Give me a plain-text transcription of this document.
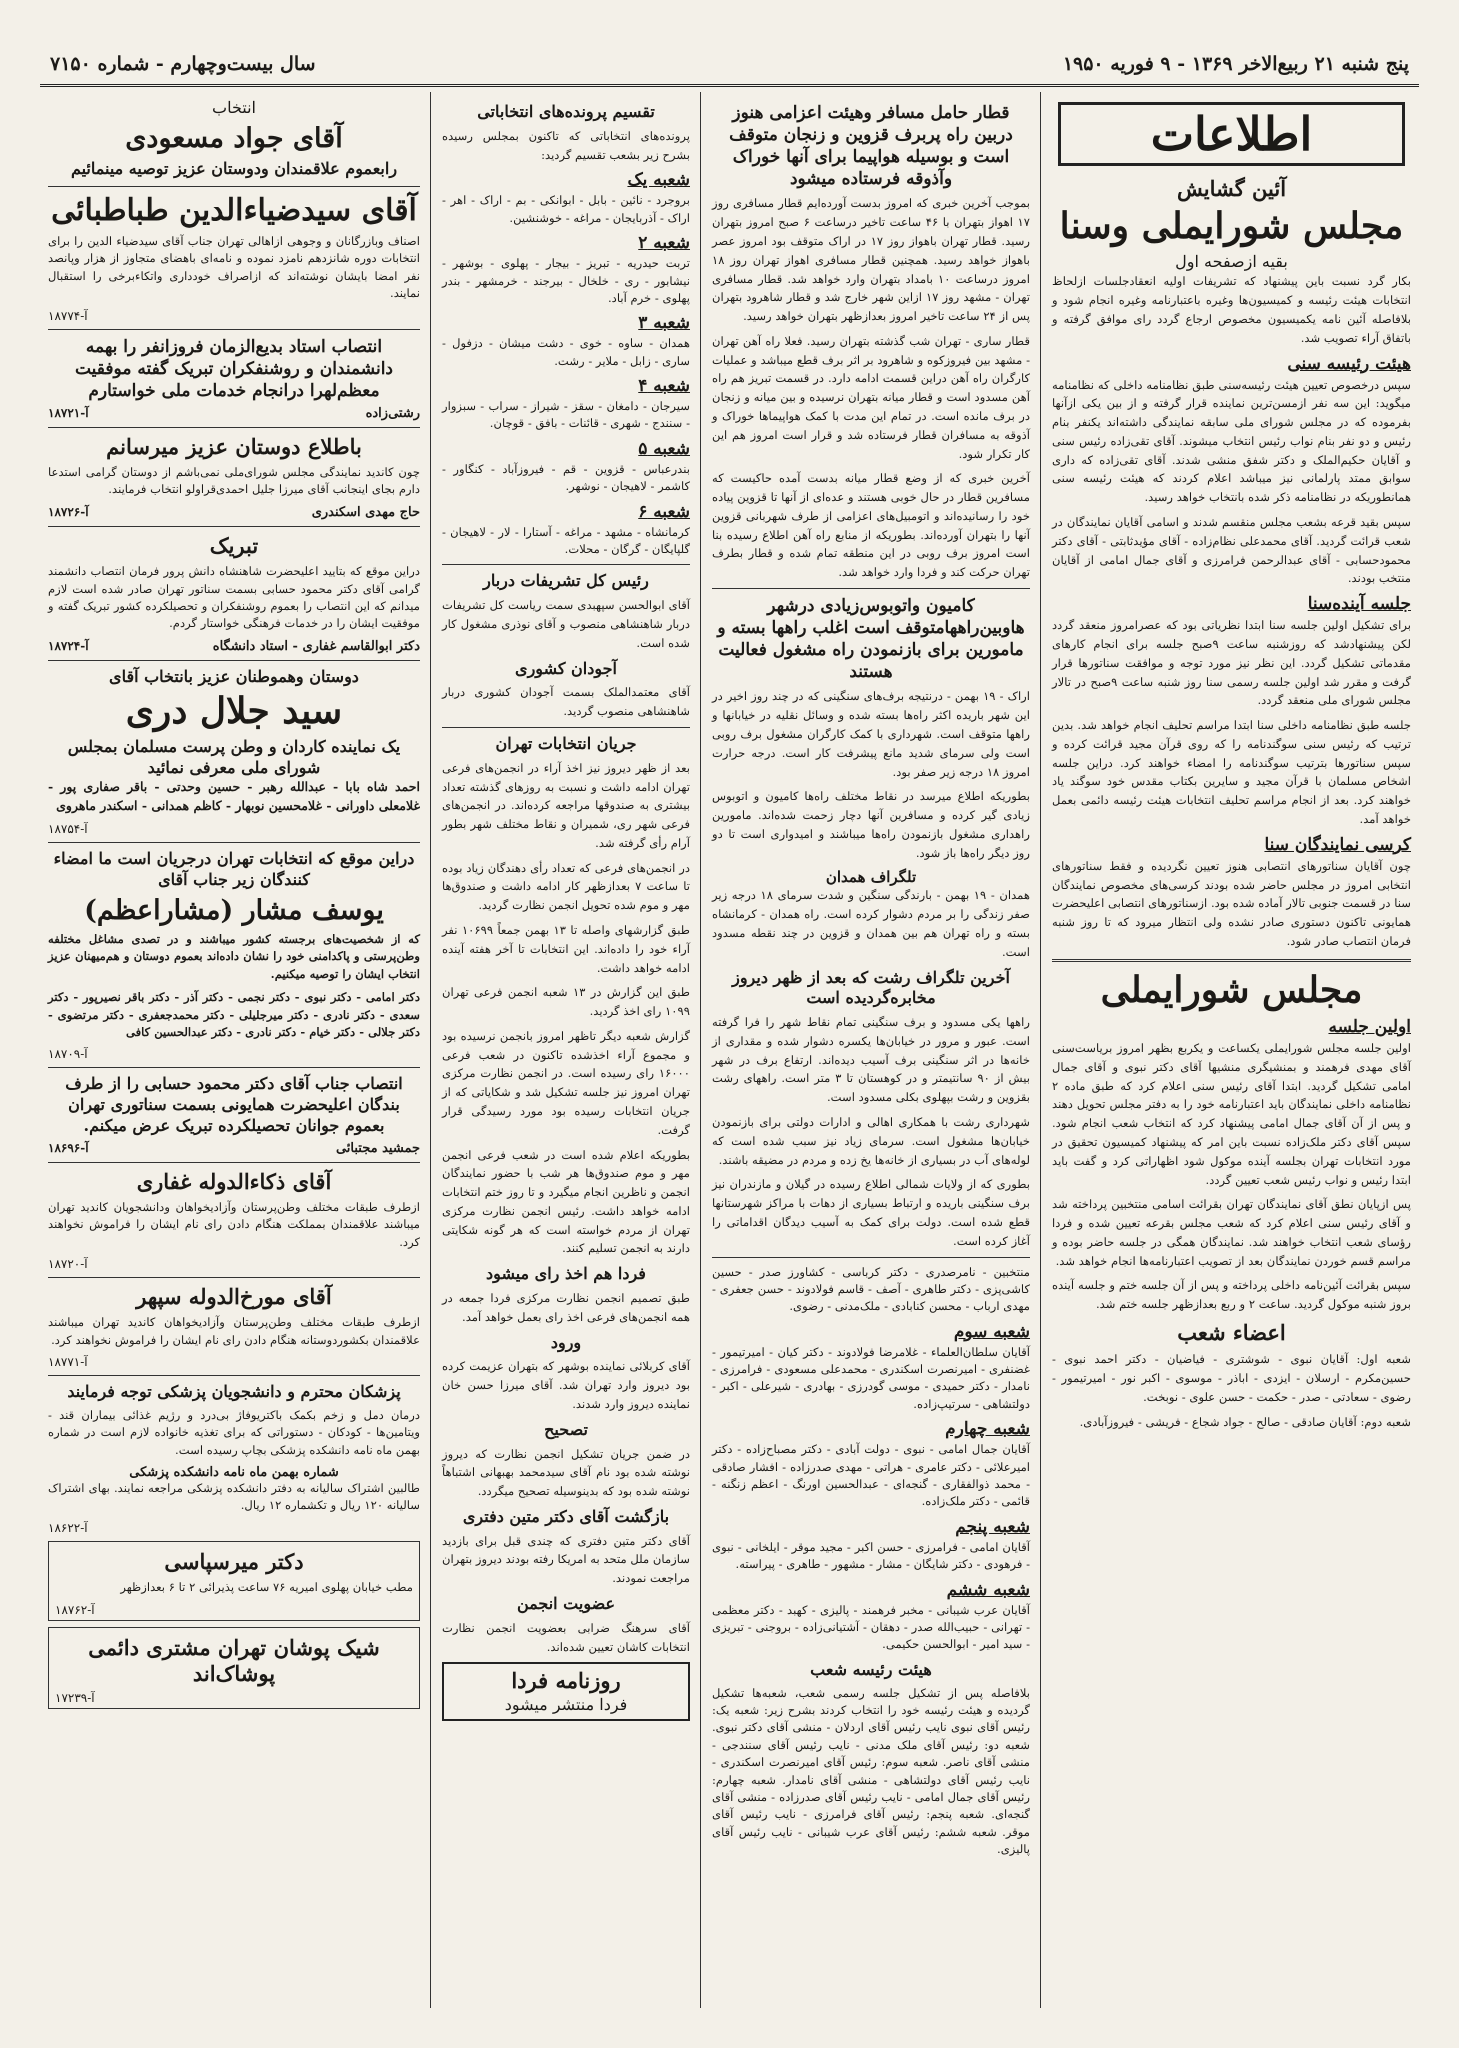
پنج شنبه ۲۱ ربیع‌الاخر ۱۳۶۹ - ۹ فوریه ۱۹۵۰
سال بیست‌وچهارم - شماره ۷۱۵۰
اطلاعات
آئین گشایش
مجلس شورایملی وسنا
بقیه ازصفحه اول

بکار گرد نسبت باین پیشنهاد که تشریفات اولیه انعقادجلسات ازلحاظ انتخابات هیئت رئیسه و کمیسیون‌ها وغیره باعتبارنامه وغیره انجام شود و بلافاصله آئین نامه یکمیسیون مخصوص ارجاع گردد رای موافق گرفته و باتفاق آراء تصویب شد.

هیئت رئیسه سنی

سپس درخصوص تعیین هیئت رئیسه‌سنی طبق نظامنامه داخلی که نظامنامه میگوید: این سه نفر ازمسن‌ترین نماینده قرار گرفته و از بین یکی ازآنها بفرموده که در مجلس شورای ملی سابقه نمایندگی داشته‌اند یکنفر بنام رئیس و دو نفر بنام نواب رئیس انتخاب میشوند. آقای تقی‌زاده رئیس سنی و آقایان حکیم‌الملک و دکتر شفق منشی شدند. آقای تقی‌زاده که داری سوابق ممتد پارلمانی نیز میباشد اعلام کردند که هیئت رئیسه سنی همانطوریکه در نظامنامه ذکر شده بانتخاب خواهد رسید.

سپس بقید قرعه بشعب مجلس منقسم شدند و اسامی آقایان نمایندگان در شعب قرائت گردید. آقای محمدعلی نظام‌زاده - آقای مؤیدثابتی - آقای دکتر محمودحسابی - آقای عبدالرحمن فرامرزی و آقای جمال امامی از آقایان منتخب بودند.

جلسه آینده‌سنا

برای تشکیل اولین جلسه سنا ابتدا نظریاتی بود که عصرامروز منعقد گردد لکن پیشنهادشد که روزشنبه ساعت ۹صبح جلسه برای انجام کارهای مقدماتی تشکیل گردد. این نظر نیز مورد توجه و موافقت سناتورها قرار گرفت و مقرر شد اولین جلسه رسمی سنا روز شنبه ساعت ۹صبح در تالار مجلس شورای ملی منعقد گردد.

جلسه طبق نظامنامه داخلی سنا ابتدا مراسم تحلیف انجام خواهد شد. بدین ترتیب که رئیس سنی سوگندنامه را که روی قرآن مجید قرائت کرده و سپس سناتورها بترتیب سوگندنامه را امضاء خواهند کرد. دراین جلسه اشخاص مسلمان با قرآن مجید و سایرین بکتاب مقدس خود سوگند یاد خواهند کرد. بعد از انجام مراسم تحلیف انتخابات هیئت رئیسه دائمی بعمل خواهد آمد.

کرسی نمایندگان سنا

چون آقایان سناتورهای انتصابی هنوز تعیین نگردیده و فقط سناتورهای انتخابی امروز در مجلس حاضر شده بودند کرسی‌های مخصوص نمایندگان سنا در قسمت جنوبی تالار آماده شده بود. ازسناتورهای انتصابی اعلیحضرت همایونی تاکنون دستوری صادر نشده ولی انتظار میرود که تا روز شنبه فرمان انتصاب صادر شود.

مجلس شورایملی
اولین جلسه

اولین جلسه مجلس شورایملی یکساعت و یکربع بظهر امروز بریاست‌سنی آقای مهدی فرهمند و بمنشیگری منشیها آقای دکتر نبوی و آقای جمال امامی تشکیل گردید. ابتدا آقای رئیس سنی اعلام کرد که طبق ماده ۲ نظامنامه داخلی نمایندگان باید اعتبارنامه خود را به دفتر مجلس تحویل دهند و پس از آن آقای جمال امامی پیشنهاد کرد که انتخاب شعب انجام شود. سپس آقای دکتر ملک‌زاده نسبت باین امر که پیشنهاد کمیسیون تحقیق در مورد انتخابات تهران بجلسه آینده موکول شود اظهاراتی کرد و گفت باید ابتدا رئیس و نواب رئیس شعب تعیین گردد.

پس ازپایان نطق آقای نمایندگان تهران بقرائت اسامی منتخبین پرداخته شد و آقای رئیس سنی اعلام کرد که شعب مجلس بقرعه تعیین شده و فردا رؤسای شعب انتخاب خواهند شد. نمایندگان همگی در جلسه حاضر بوده و مراسم قسم خوردن نمایندگان بعد از تصویب اعتبارنامه‌ها انجام خواهد شد.

سپس بقرائت آئین‌نامه داخلی پرداخته و پس از آن جلسه ختم و جلسه آینده بروز شنبه موکول گردید. ساعت ۲ و ربع بعدازظهر جلسه ختم شد.

اعضاء شعب

شعبه اول: آقایان نبوی - شوشتری - فیاضیان - دکتر احمد نبوی - حسین‌مکرم - ارسلان - ایزدی - اباذر - موسوی - اکبر نور - امیرتیمور - رضوی - سعادتی - صدر - حکمت - حسن علوی - نوبخت.

شعبه دوم: آقایان صادقی - صالح - جواد شجاع - فریشی - فیروزآبادی.

قطار حامل مسافر وهیئت اعزامی هنوز دربین راه پربرف قزوین و زنجان متوقف است و بوسیله هواپیما برای آنها خوراک وآذوقه فرستاده میشود

بموجب آخرین خبری که امروز بدست آورده‌ایم قطار مسافری روز ۱۷ اهواز بتهران با ۴۶ ساعت تاخیر درساعت ۶ صبح امروز بتهران رسید. قطار تهران باهواز روز ۱۷ در اراک متوقف بود امروز عصر باهواز خواهد رسید. همچنین قطار مسافری اهواز تهران روز ۱۸ امروز درساعت ۱۰ بامداد بتهران وارد خواهد شد. قطار مسافری تهران - مشهد روز ۱۷ ازاین شهر خارج شد و قطار شاهرود بتهران پس از ۲۴ ساعت تاخیر امروز بعدازظهر بتهران خواهد رسید.

قطار ساری - تهران شب گذشته بتهران رسید. فعلا راه آهن تهران - مشهد بین فیروزکوه و شاهرود بر اثر برف قطع میباشد و عملیات کارگران راه آهن دراین قسمت ادامه دارد. در قسمت تبریز هم راه آهن مسدود است و قطار میانه بتهران نرسیده و بین میانه و زنجان در برف مانده است. در تمام این مدت با کمک هواپیماها خوراک و آذوقه به مسافران قطار فرستاده شد و قرار است امروز هم این کار تکرار شود.

آخرین خبری که از وضع قطار میانه بدست آمده حاکیست که مسافرین قطار در حال خوبی هستند و عده‌ای از آنها تا قزوین پیاده خود را رسانیده‌اند و اتومبیل‌های اعزامی از طرف شهربانی قزوین آنها را بتهران آورده‌اند. بطوریکه از منابع راه آهن اطلاع رسیده بنا است امروز برف روبی در این منطقه تمام شده و قطار بطرف تهران حرکت کند و فردا وارد خواهد شد.

کامیون واتوبوس‌زیادی درشهر هاوبین‌راههامتوقف است اغلب راهها بسته و مامورین برای بازنمودن راه مشغول فعالیت هستند

اراک - ۱۹ بهمن - درنتیجه برف‌های سنگینی که در چند روز اخیر در این شهر باریده اکثر راه‌ها بسته شده و وسائل نقلیه در خیابانها و راهها متوقف است. شهرداری با کمک کارگران مشغول برف روبی است ولی سرمای شدید مانع پیشرفت کار است. درجه حرارت امروز ۱۸ درجه زیر صفر بود.

بطوریکه اطلاع میرسد در نقاط مختلف راه‌ها کامیون و اتوبوس زیادی گیر کرده و مسافرین آنها دچار زحمت شده‌اند. مامورین راهداری مشغول بازنمودن راه‌ها میباشند و امیدواری است تا دو روز دیگر راه‌ها باز شود.

تلگراف همدان

همدان - ۱۹ بهمن - بارندگی سنگین و شدت سرمای ۱۸ درجه زیر صفر زندگی را بر مردم دشوار کرده است. راه همدان - کرمانشاه بسته و راه تهران هم بین همدان و قزوین در چند نقطه مسدود است.

آخرین تلگراف رشت که بعد از ظهر دیروز مخابره‌گردیده است

راهها یکی مسدود و برف سنگینی تمام نقاط شهر را فرا گرفته است. عبور و مرور در خیابان‌ها یکسره دشوار شده و مقداری از خانه‌ها در اثر سنگینی برف آسیب دیده‌اند. ارتفاع برف در شهر بیش از ۹۰ سانتیمتر و در کوهستان تا ۳ متر است. راههای رشت بقزوین و رشت بپهلوی بکلی مسدود است.

شهرداری رشت با همکاری اهالی و ادارات دولتی برای بازنمودن خیابان‌ها مشغول است. سرمای زیاد نیز سبب شده است که لوله‌های آب در بسیاری از خانه‌ها یخ زده و مردم در مضیقه باشند.

بطوری که از ولایات شمالی اطلاع رسیده در گیلان و مازندران نیز برف سنگینی باریده و ارتباط بسیاری از دهات با مراکز شهرستانها قطع شده است. دولت برای کمک به آسیب دیدگان اقداماتی را آغاز کرده است.

منتخبین - نامرصدری - دکتر کرباسی - کشاورز صدر - حسین کاشی‌پزی - دکتر طاهری - آصف - قاسم فولادوند - حسن جعفری - مهدی ارباب - محسن کنابادی - ملک‌مدنی - رضوی.

شعبه سوم

آقایان سلطان‌العلماء - غلامرضا فولادوند - دکتر کیان - امیرتیمور - غضنفری - امیرنصرت اسکندری - محمدعلی مسعودی - فرامرزی - نامدار - دکتر حمیدی - موسی گودرزی - بهادری - شیرعلی - اکبر - دولتشاهی - سرتیپ‌زاده.

شعبه چهارم

آقایان جمال امامی - نبوی - دولت آبادی - دکتر مصباح‌زاده - دکتر امیرعلائی - دکتر عامری - هراتی - مهدی صدرزاده - افشار صادقی - محمد ذوالفقاری - گنجه‌ای - عبدالحسین اورنگ - اعظم زنگنه - قائمی - دکتر ملک‌زاده.

شعبه پنجم

آقایان امامی - فرامرزی - حسن اکبر - مجید موقر - ایلخانی - نبوی - فرهودی - دکتر شایگان - مشار - مشهور - طاهری - پیراسته.

شعبه ششم

آقایان عرب شیبانی - مخبر فرهمند - پالیزی - کهبد - دکتر معظمی - تهرانی - حبیب‌الله صدر - دهقان - آشتیانی‌زاده - بروجنی - تبریزی - سید امیر - ابوالحسن حکیمی.

هیئت رئیسه شعب

بلافاصله پس از تشکیل جلسه رسمی شعب، شعبه‌ها تشکیل گردیده و هیئت رئیسه خود را انتخاب کردند بشرح زیر: شعبه یک: رئیس آقای نبوی نایب رئیس آقای اردلان - منشی آقای دکتر نبوی. شعبه دو: رئیس آقای ملک مدنی - نایب رئیس آقای سنندجی - منشی آقای ناصر. شعبه سوم: رئیس آقای امیرنصرت اسکندری - نایب رئیس آقای دولتشاهی - منشی آقای نامدار. شعبه چهارم: رئیس آقای جمال امامی - نایب رئیس آقای صدرزاده - منشی آقای گنجه‌ای. شعبه پنجم: رئیس آقای فرامرزی - نایب رئیس آقای موقر. شعبه ششم: رئیس آقای عرب شیبانی - نایب رئیس آقای پالیزی.

تقسیم پرونده‌های انتخاباتی

پرونده‌های انتخاباتی که تاکنون بمجلس رسیده بشرح زیر بشعب تقسیم گردید:

شعبه یک

بروجرد - نائین - بابل - ابوانکی - بم - اراک - اهر - اراک - آذربایجان - مراغه - خوشنشین.

شعبه ۲

تربت حیدریه - تبریز - بیجار - پهلوی - بوشهر - نیشابور - ری - خلخال - بیرجند - خرمشهر - بندر پهلوی - خرم آباد.

شعبه ۳

همدان - ساوه - خوی - دشت میشان - دزفول - ساری - زابل - ملایر - رشت.

شعبه ۴

سیرجان - دامغان - سقز - شیراز - سراب - سبزوار - سنندج - شهری - قائنات - بافق - قوچان.

شعبه ۵

بندرعباس - قزوین - قم - فیروزآباد - کنگاور - کاشمر - لاهیجان - نوشهر.

شعبه ۶

کرمانشاه - مشهد - مراغه - آستارا - لار - لاهیجان - گلپایگان - گرگان - محلات.

رئیس کل تشریفات دربار

آقای ابوالحسن سپهبدی سمت ریاست کل تشریفات دربار شاهنشاهی منصوب و آقای نوذری مشغول کار شده است.

آجودان کشوری

آقای معتمدالملک بسمت آجودان کشوری دربار شاهنشاهی منصوب گردید.

جریان انتخابات تهران

بعد از ظهر دیروز نیز اخذ آراء در انجمن‌های فرعی تهران ادامه داشت و نسبت به روزهای گذشته تعداد بیشتری به صندوقها مراجعه کرده‌اند. در انجمن‌های فرعی شهر ری، شمیران و نقاط مختلف شهر بطور آرام رأی گرفته شد.

در انجمن‌های فرعی که تعداد رأی دهندگان زیاد بوده تا ساعت ۷ بعدازظهر کار ادامه داشت و صندوق‌ها مهر و موم شده تحویل انجمن نظارت گردید.

طبق گزارشهای واصله تا ۱۳ بهمن جمعاً ۱۰۶۹۹ نفر آراء خود را داده‌اند. این انتخابات تا آخر هفته آینده ادامه خواهد داشت.

طبق این گزارش در ۱۳ شعبه انجمن فرعی تهران ۱۰۹۹ رای اخذ گردید.

گزارش شعبه دیگر تاظهر امروز بانجمن نرسیده بود و مجموع آراء اخذشده تاکنون در شعب فرعی ۱۶۰۰۰ رای رسیده است. در انجمن نظارت مرکزی تهران امروز نیز جلسه تشکیل شد و شکایاتی که از جریان انتخابات رسیده بود مورد رسیدگی قرار گرفت.

بطوریکه اعلام شده است در شعب فرعی انجمن مهر و موم صندوق‌ها هر شب با حضور نمایندگان انجمن و ناظرین انجام میگیرد و تا روز ختم انتخابات ادامه خواهد داشت. رئیس انجمن نظارت مرکزی تهران از مردم خواسته است که هر گونه شکایتی دارند به انجمن تسلیم کنند.

فردا هم اخذ رای میشود

طبق تصمیم انجمن نظارت مرکزی فردا جمعه در همه انجمن‌های فرعی اخذ رای بعمل خواهد آمد.

ورود

آقای کربلائی نماینده بوشهر که بتهران عزیمت کرده بود دیروز وارد تهران شد. آقای میرزا حسن خان نماینده دیروز وارد شدند.

تصحیح

در ضمن جریان تشکیل انجمن نظارت که دیروز نوشته شده بود نام آقای سیدمحمد بهبهانی اشتباهاً نوشته شده بود که بدینوسیله تصحیح میگردد.

بازگشت آقای دکتر متین دفتری

آقای دکتر متین دفتری که چندی قبل برای بازدید سازمان ملل متحد به امریکا رفته بودند دیروز بتهران مراجعت نمودند.

عضویت انجمن

آقای سرهنگ ضرابی بعضویت انجمن نظارت انتخابات کاشان تعیین شده‌اند.

روزنامه فردا
فردا منتشر میشود
انتخاب
آقای جواد مسعودی
رابعموم علاقمندان ودوستان عزیز توصیه مینمائیم
آقای سیدضیاءالدین طباطبائی

اصناف وبازرگانان و وجوهی ازاهالی تهران جناب آقای سیدضیاء الدین را برای انتخابات دوره شانزدهم نامزد نموده و نامه‌ای باهضای متجاوز از هزار وپانصد نفر امضا بایشان نوشته‌اند که ازاصراف خودداری واتکاءبرخی را استقبال نمایند.

۱۸۷۷۴-آ
انتصاب استاد بدیع‌الزمان فروزانفر را بهمه دانشمندان و روشنفکران تبریک گفته موفقیت معظم‌لهرا درانجام خدمات ملی خواستارم
رشتی‌زاده
۱۸۷۲۱-آ
باطلاع دوستان عزیز میرسانم

چون کاندید نمایندگی مجلس شورای‌ملی نمی‌باشم از دوستان گرامی استدعا دارم بجای اینجانب آقای میرزا جلیل احمدی‌قراولو انتخاب فرمایند.

حاج مهدی اسکندری
۱۸۷۲۶-آ
تبریک

دراین موقع که بتایید اعلیحضرت شاهنشاه دانش پرور فرمان انتصاب دانشمند گرامی آقای دکتر محمود حسابی بسمت سناتور تهران صادر شده است لازم میدانم که این انتصاب را بعموم روشنفکران و تحصیلکرده کشور تبریک گفته و موفقیت ایشان را در خدمات فرهنگی خواستار گردم.

دکتر ابوالقاسم غفاری - استاد دانشگاه
۱۸۷۲۴-آ
دوستان وهموطنان عزیز بانتخاب آقای
سید جلال دری
یک نماینده کاردان و وطن پرست مسلمان بمجلس شورای ملی معرفی نمائید

احمد شاه بابا - عبدالله رهبر - حسین وحدتی - باقر صفاری پور - غلامعلی داورانی - غلامحسین نوبهار - کاظم همدانی - اسکندر ماهروی

۱۸۷۵۴-آ
دراین موقع که انتخابات تهران درجریان است ما امضاء کنندگان زیر جناب آقای
یوسف مشار (مشاراعظم)

که از شخصیت‌های برجسته کشور میباشند و در تصدی مشاغل مختلفه وطن‌پرستی و پاکدامنی خود را نشان داده‌اند بعموم دوستان و هم‌میهنان عزیز انتخاب ایشان را توصیه میکنیم.

دکتر امامی - دکتر نبوی - دکتر نجمی - دکتر آذر - دکتر باقر نصیرپور - دکتر سعدی - دکتر نادری - دکتر میرجلیلی - دکتر محمدجعفری - دکتر مرتضوی - دکتر جلالی - دکتر خیام - دکتر نادری - دکتر عبدالحسین کافی

۱۸۷۰۹-آ
انتصاب جناب آقای دکتر محمود حسابی را از طرف بندگان اعلیحضرت همایونی بسمت سناتوری تهران بعموم جوانان تحصیلکرده تبریک عرض میکنم.
جمشید مجتبائی
۱۸۶۹۶-آ
آقای ذکاءالدوله غفاری

ازطرف طبقات مختلف وطن‌پرستان وآزادیخواهان ودانشجویان کاندید تهران میباشند علاقمندان بمملکت هنگام دادن رای نام ایشان را فراموش نخواهند کرد.

۱۸۷۲۰-آ
آقای مورخ‌الدوله سپهر

ازطرف طبقات مختلف وطن‌پرستان وآزادیخواهان کاندید تهران میباشند علاقمندان بکشوردوستانه هنگام دادن رای نام ایشان را فراموش نخواهند کرد.

۱۸۷۷۱-آ
پزشکان محترم و دانشجویان پزشکی توجه فرمایند

درمان دمل و زخم بکمک باکتریوفاژ بی‌درد و رژیم غذائی بیماران قند - ویتامین‌ها - کودکان - دستوراتی که برای تغذیه خانواده لازم است در شماره بهمن ماه نامه دانشکده پزشکی بچاپ رسیده است.

شماره بهمن ماه نامه دانشکده پزشکی

طالبین اشتراک سالیانه به دفتر دانشکده پزشکی مراجعه نمایند. بهای اشتراک سالیانه ۱۲۰ ریال و تکشماره ۱۲ ریال.

۱۸۶۲۲-آ
دکتر میرسپاسی

مطب خیابان پهلوی امیریه ۷۶ ساعت پذیرائی ۲ تا ۶ بعدازظهر

۱۸۷۶۲-آ
شیک پوشان تهران مشتری دائمی پوشاک‌اند
۱۷۲۳۹-آ
